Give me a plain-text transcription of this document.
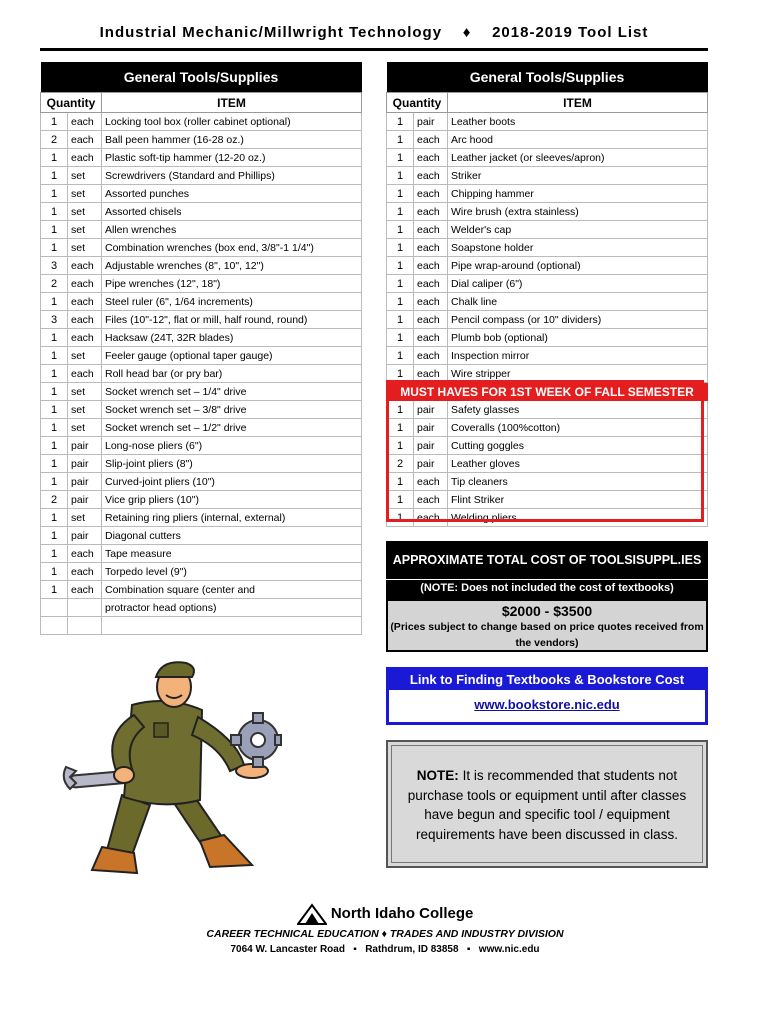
Industrial Mechanic/Millwright Technology ♦ 2018-2019 Tool List
General Tools/Supplies		
Quantity		ITEM
1	each	Locking tool box (roller cabinet optional)
2	each	Ball peen hammer (16-28 oz.)
1	each	Plastic soft-tip hammer (12-20 oz.)
1	set	Screwdrivers (Standard and Phillips)
1	set	Assorted punches
1	set	Assorted chisels
1	set	Allen wrenches
1	set	Combination wrenches (box end, 3/8"-1 1/4")
3	each	Adjustable wrenches (8", 10", 12")
2	each	Pipe wrenches (12", 18")
1	each	Steel ruler (6", 1/64 increments)
3	each	Files (10"-12", flat or mill, half round, round)
1	each	Hacksaw (24T, 32R blades)
1	set	Feeler gauge (optional taper gauge)
1	each	Roll head bar (or pry bar)
1	set	Socket wrench set – 1/4" drive
1	set	Socket wrench set – 3/8" drive
1	set	Socket wrench set – 1/2" drive
1	pair	Long-nose pliers (6")
1	pair	Slip-joint pliers (8")
1	pair	Curved-joint pliers (10")
2	pair	Vice grip pliers (10")
1	set	Retaining ring pliers (internal, external)
1	pair	Diagonal cutters
1	each	Tape measure
1	each	Torpedo level (9")
1	each	Combination square (center and
		protractor head options)

General Tools/Supplies		
Quantity		ITEM
1	pair	Leather boots
1	each	Arc hood
1	each	Leather jacket (or sleeves/apron)
1	each	Striker
1	each	Chipping hammer
1	each	Wire brush (extra stainless)
1	each	Welder's cap
1	each	Soapstone holder
1	each	Pipe wrap-around (optional)
1	each	Dial caliper (6")
1	each	Chalk line
1	each	Pencil compass (or 10" dividers)
1	each	Plumb bob (optional)
1	each	Inspection mirror
1	each	Wire stripper
MUST HAVES FOR 1ST WEEK OF FALL SEMESTER		
1	pair	Safety glasses
1	pair	Coveralls (100%cotton)
1	pair	Cutting goggles
2	pair	Leather gloves
1	each	Tip cleaners
1	each	Flint Striker
1	each	Welding pliers
APPROXIMATE TOTAL COST OF TOOLSISUPPL.IES
(NOTE: Does not included the cost of textbooks)
$2000 - $3500
(Prices subject to change based on price quotes received from the vendors)
Link to Finding Textbooks & Bookstore Cost
www.bookstore.nic.edu
NOTE: It is recommended that students not purchase tools or equipment until after classes have begun and specific tool / equipment requirements have been discussed in class.
North Idaho College
CAREER TECHNICAL EDUCATION ♦ TRADES AND INDUSTRY DIVISION
7064 W. Lancaster Road ▪ Rathdrum, ID 83858 ▪ www.nic.edu
